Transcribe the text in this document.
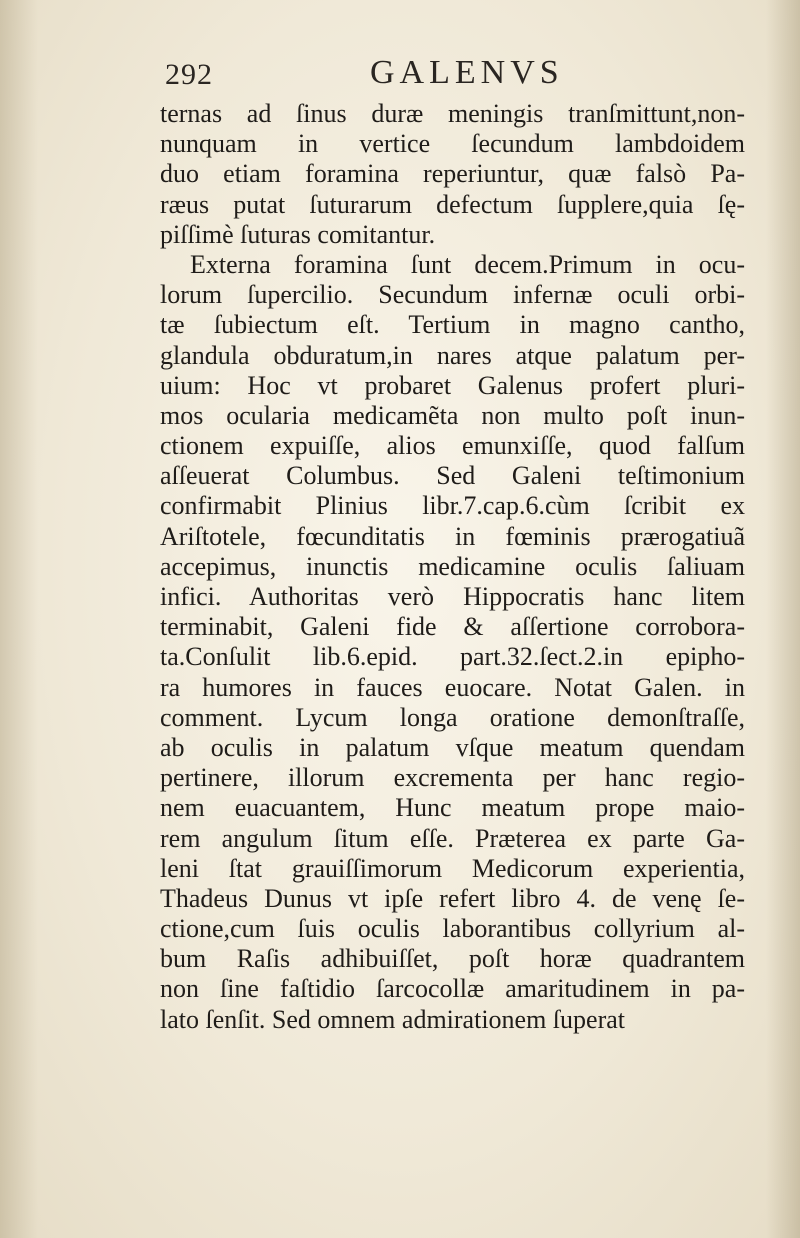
292	GALENVS
ternas ad ſinus duræ meningis tranſmittunt,non-
nunquam in vertice ſecundum lambdoidem
duo etiam foramina reperiuntur, quæ falsò Pa-
ræus putat ſuturarum defectum ſupplere,quia ſę-
piſſimè ſuturas comitantur.
Externa foramina ſunt decem.Primum in ocu-
lorum ſupercilio. Secundum infernæ oculi orbi-
tæ ſubiectum eſt. Tertium in magno cantho,
glandula obduratum,in nares atque palatum per-
uium: Hoc vt probaret Galenus profert pluri-
mos ocularia medicamẽta non multo poſt inun-
ctionem expuiſſe, alios emunxiſſe, quod falſum
aſſeuerat Columbus. Sed Galeni teſtimonium
confirmabit Plinius libr.7.cap.6.cùm ſcribit ex
Ariſtotele, fœcunditatis in fœminis prærogatiuã
accepimus, inunctis medicamine oculis ſaliuam
infici. Authoritas verò Hippocratis hanc litem
terminabit, Galeni fide & aſſertione corrobora-
ta.Conſulit lib.6.epid. part.32.ſect.2.in epipho-
ra humores in fauces euocare. Notat Galen. in
comment. Lycum longa oratione demonſtraſſe,
ab oculis in palatum vſque meatum quendam
pertinere, illorum excrementa per hanc regio-
nem euacuantem, Hunc meatum prope maio-
rem angulum ſitum eſſe. Præterea ex parte Ga-
leni ſtat grauiſſimorum Medicorum experientia,
Thadeus Dunus vt ipſe refert libro 4. de venę ſe-
ctione,cum ſuis oculis laborantibus collyrium al-
bum Raſis adhibuiſſet, poſt horæ quadrantem
non ſine faſtidio ſarcocollæ amaritudinem in pa-
lato ſenſit. Sed omnem admirationem ſuperat
